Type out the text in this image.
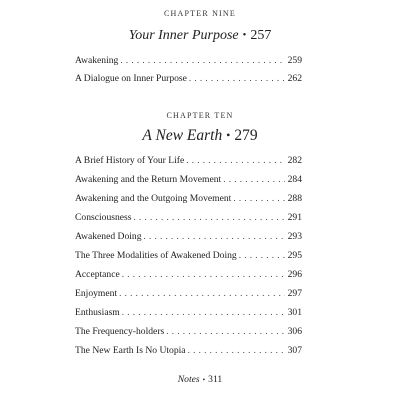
CHAPTER NINE
Your Inner Purpose • 257
Awakening . . .	259
A Dialogue on Inner Purpose . . .	262
CHAPTER TEN
A New Earth • 279
A Brief History of Your Life . . .	282
Awakening and the Return Movement . . .	284
Awakening and the Outgoing Movement . . .	288
Consciousness . . .	291
Awakened Doing . . .	293
The Three Modalities of Awakened Doing . . .	295
Acceptance . . .	296
Enjoyment . . .	297
Enthusiasm . . .	301
The Frequency-holders . . .	306
The New Earth Is No Utopia . . .	307
Notes • 311
